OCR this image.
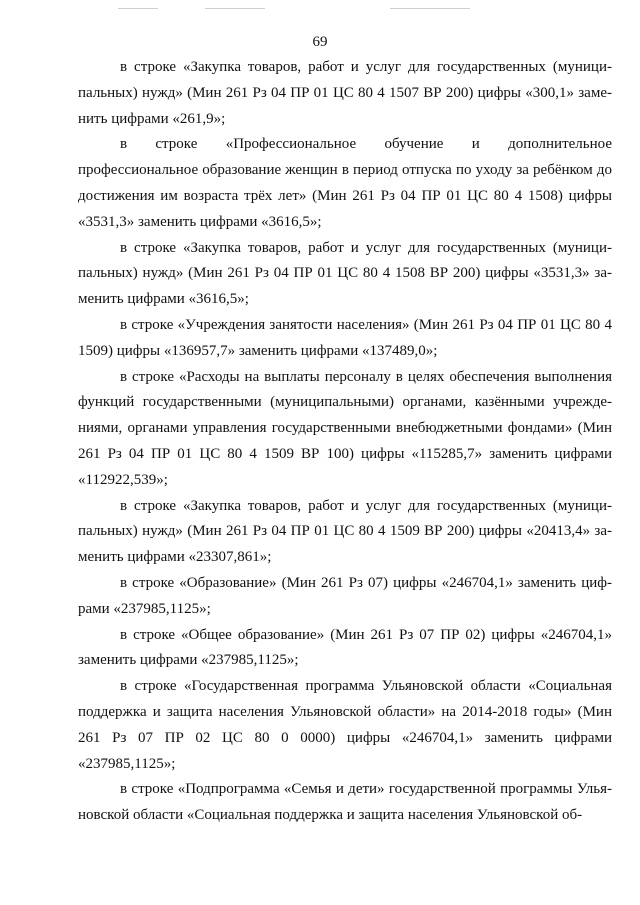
69

в строке «Закупка товаров, работ и услуг для государственных (муниципальных) нужд» (Мин 261 Рз 04 ПР 01 ЦС 80 4 1507 ВР 200) цифры «300,1» заменить цифрами «261,9»;

в строке «Профессиональное обучение и дополнительное профессиональное образование женщин в период отпуска по уходу за ребёнком до достижения им возраста трёх лет» (Мин 261 Рз 04 ПР 01 ЦС 80 4 1508) цифры «3531,3» заменить цифрами «3616,5»;

в строке «Закупка товаров, работ и услуг для государственных (муниципальных) нужд» (Мин 261 Рз 04 ПР 01 ЦС 80 4 1508 ВР 200) цифры «3531,3» заменить цифрами «3616,5»;

в строке «Учреждения занятости населения» (Мин 261 Рз 04 ПР 01 ЦС 80 4 1509) цифры «136957,7» заменить цифрами «137489,0»;

в строке «Расходы на выплаты персоналу в целях обеспечения выполнения функций государственными (муниципальными) органами, казёнными учреждениями, органами управления государственными внебюджетными фондами» (Мин 261 Рз 04 ПР 01 ЦС 80 4 1509 ВР 100) цифры «115285,7» заменить цифрами «112922,539»;

в строке «Закупка товаров, работ и услуг для государственных (муниципальных) нужд» (Мин 261 Рз 04 ПР 01 ЦС 80 4 1509 ВР 200) цифры «20413,4» заменить цифрами «23307,861»;

в строке «Образование» (Мин 261 Рз 07) цифры «246704,1» заменить цифрами «237985,1125»;

в строке «Общее образование» (Мин 261 Рз 07 ПР 02) цифры «246704,1» заменить цифрами «237985,1125»;

в строке «Государственная программа Ульяновской области «Социальная поддержка и защита населения Ульяновской области» на 2014-2018 годы» (Мин 261 Рз 07 ПР 02 ЦС 80 0 0000) цифры «246704,1» заменить цифрами «237985,1125»;

в строке «Подпрограмма «Семья и дети» государственной программы Ульяновской области «Социальная поддержка и защита населения Ульяновской об-
